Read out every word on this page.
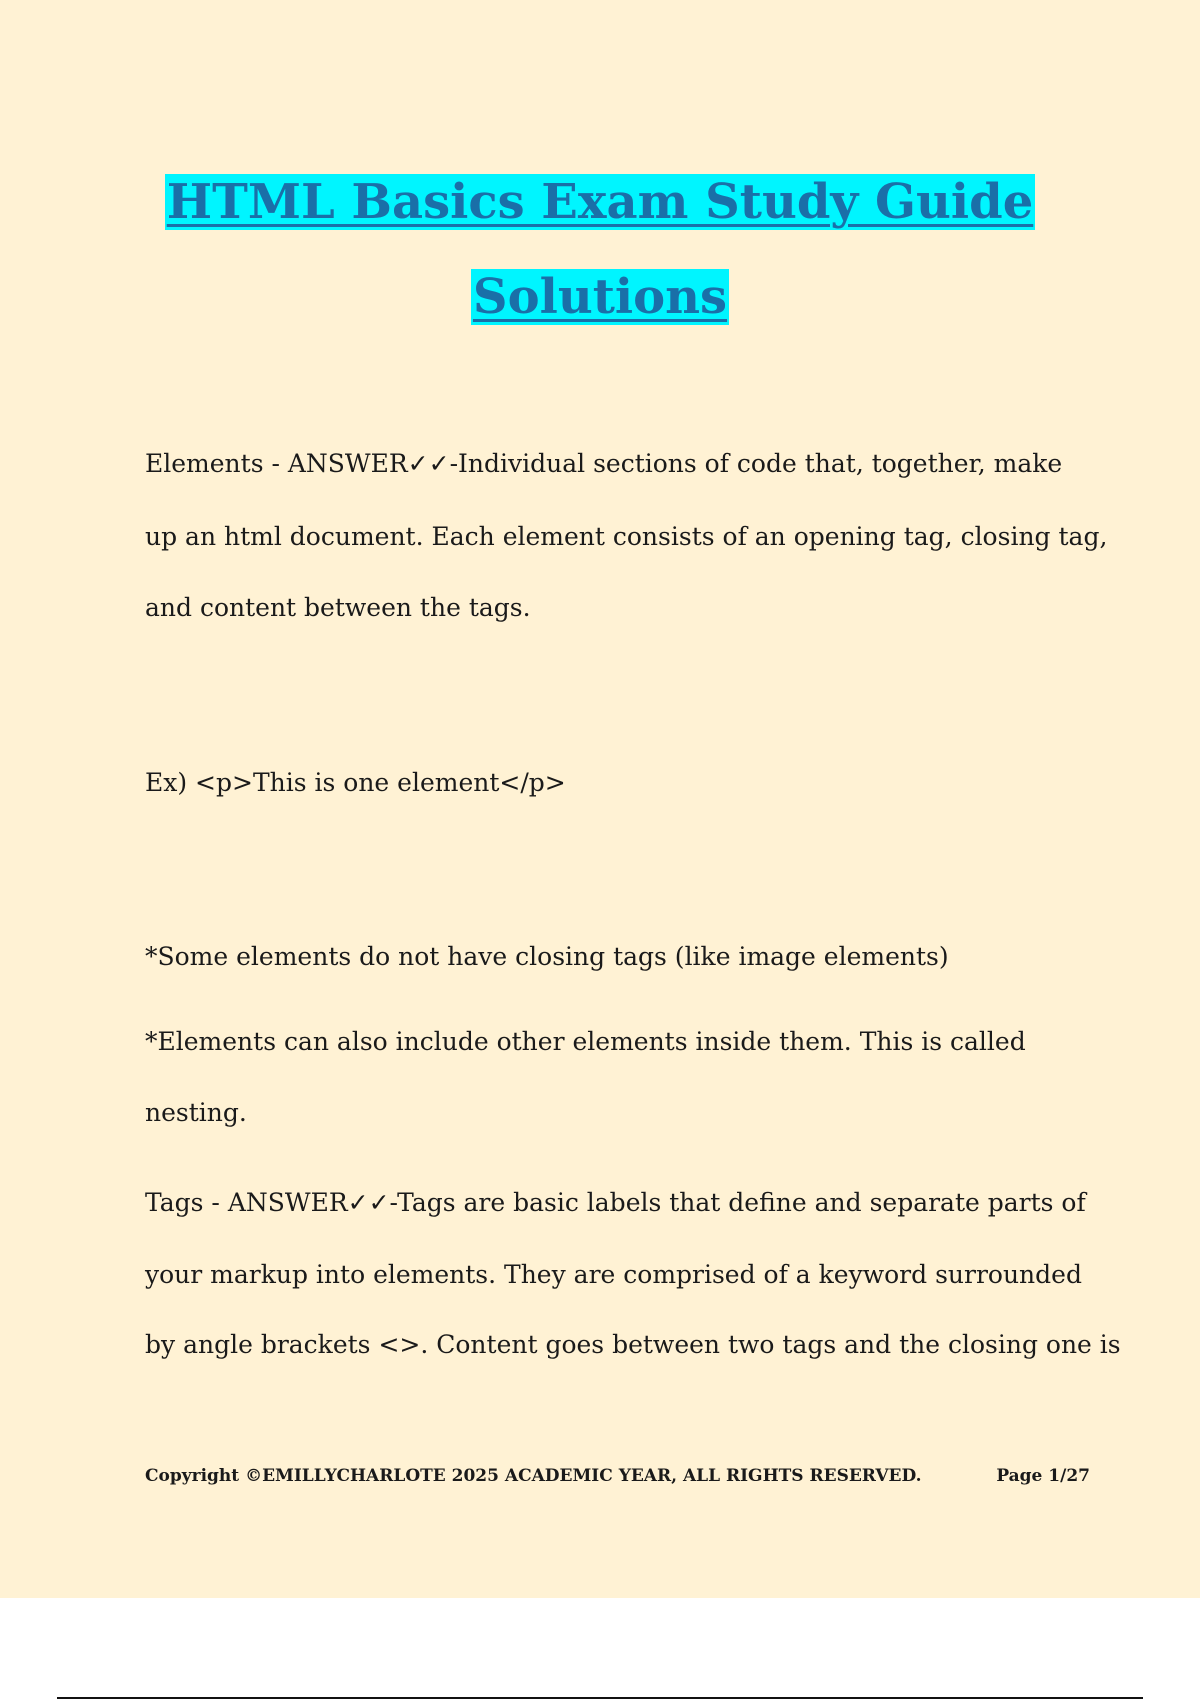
HTML Basics Exam Study Guide
Solutions
Elements - ANSWER✓✓-Individual sections of code that, together, make
up an html document. Each element consists of an opening tag, closing tag,
and content between the tags.
Ex) <p>This is one element</p>
*Some elements do not have closing tags (like image elements)
*Elements can also include other elements inside them. This is called
nesting.
Tags - ANSWER✓✓-Tags are basic labels that define and separate parts of
your markup into elements. They are comprised of a keyword surrounded
by angle brackets <>. Content goes between two tags and the closing one is
Copyright ©EMILLYCHARLOTE 2025 ACADEMIC YEAR, ALL RIGHTS RESERVED.	Page 1/27
